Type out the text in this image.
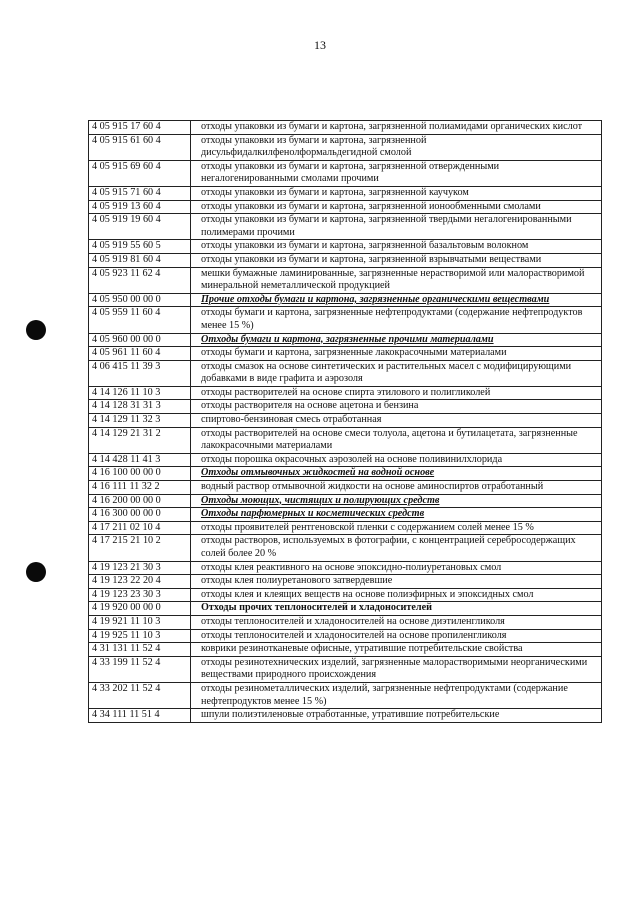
13
4 05 915 17 60 4	отходы упаковки из бумаги и картона, загрязненной полиамидами органических кислот
4 05 915 61 60 4	отходы упаковки из бумаги и картона, загрязненной дисульфидалкилфенолформальдегидной смолой
4 05 915 69 60 4	отходы упаковки из бумаги и картона, загрязненной отвержденными негалогенированными смолами прочими
4 05 915 71 60 4	отходы упаковки из бумаги и картона, загрязненной каучуком
4 05 919 13 60 4	отходы упаковки из бумаги и картона, загрязненной ионообменными смолами
4 05 919 19 60 4	отходы упаковки из бумаги и картона, загрязненной твердыми негалогенированными полимерами прочими
4 05 919 55 60 5	отходы упаковки из бумаги и картона, загрязненной базальтовым волокном
4 05 919 81 60 4	отходы упаковки из бумаги и картона, загрязненной взрывчатыми веществами
4 05 923 11 62 4	мешки бумажные ламинированные, загрязненные нерастворимой или малорастворимой минеральной неметаллической продукцией
4 05 950 00 00 0	Прочие отходы бумаги и картона, загрязненные органическими веществами
4 05 959 11 60 4	отходы бумаги и картона, загрязненные нефтепродуктами (содержание нефтепродуктов менее 15 %)
4 05 960 00 00 0	Отходы бумаги и картона, загрязненные прочими материалами
4 05 961 11 60 4	отходы бумаги и картона, загрязненные лакокрасочными материалами
4 06 415 11 39 3	отходы смазок на основе синтетических и растительных масел с модифицирующими добавками в виде графита и аэрозоля
4 14 126 11 10 3	отходы растворителей на основе спирта этилового и полигликолей
4 14 128 31 31 3	отходы растворителя на основе ацетона и бензина
4 14 129 11 32 3	спиртово-бензиновая смесь отработанная
4 14 129 21 31 2	отходы растворителей на основе смеси толуола, ацетона и бутилацетата, загрязненные лакокрасочными материалами
4 14 428 11 41 3	отходы порошка окрасочных аэрозолей на основе поливинилхлорида
4 16 100 00 00 0	Отходы отмывочных жидкостей на водной основе
4 16 111 11 32 2	водный раствор отмывочной жидкости на основе аминоспиртов отработанный
4 16 200 00 00 0	Отходы моющих, чистящих и полирующих средств
4 16 300 00 00 0	Отходы парфюмерных и косметических средств
4 17 211 02 10 4	отходы проявителей рентгеновской пленки с содержанием солей менее 15 %
4 17 215 21 10 2	отходы растворов, используемых в фотографии, с концентрацией серебросодержащих солей более 20 %
4 19 123 21 30 3	отходы клея реактивного на основе эпоксидно-полиуретановых смол
4 19 123 22 20 4	отходы клея полиуретанового затвердевшие
4 19 123 23 30 3	отходы клея и клеящих веществ на основе полиэфирных и эпоксидных смол
4 19 920 00 00 0	Отходы прочих теплоносителей и хладоносителей
4 19 921 11 10 3	отходы теплоносителей и хладоносителей на основе диэтиленгликоля
4 19 925 11 10 3	отходы теплоносителей и хладоносителей на основе пропиленгликоля
4 31 131 11 52 4	коврики резинотканевые офисные, утратившие потребительские свойства
4 33 199 11 52 4	отходы резинотехнических изделий, загрязненные малорастворимыми неорганическими веществами природного происхождения
4 33 202 11 52 4	отходы резинометаллических изделий, загрязненные нефтепродуктами (содержание нефтепродуктов менее 15 %)
4 34 111 11 51 4	шпули полиэтиленовые отработанные, утратившие потребительские
